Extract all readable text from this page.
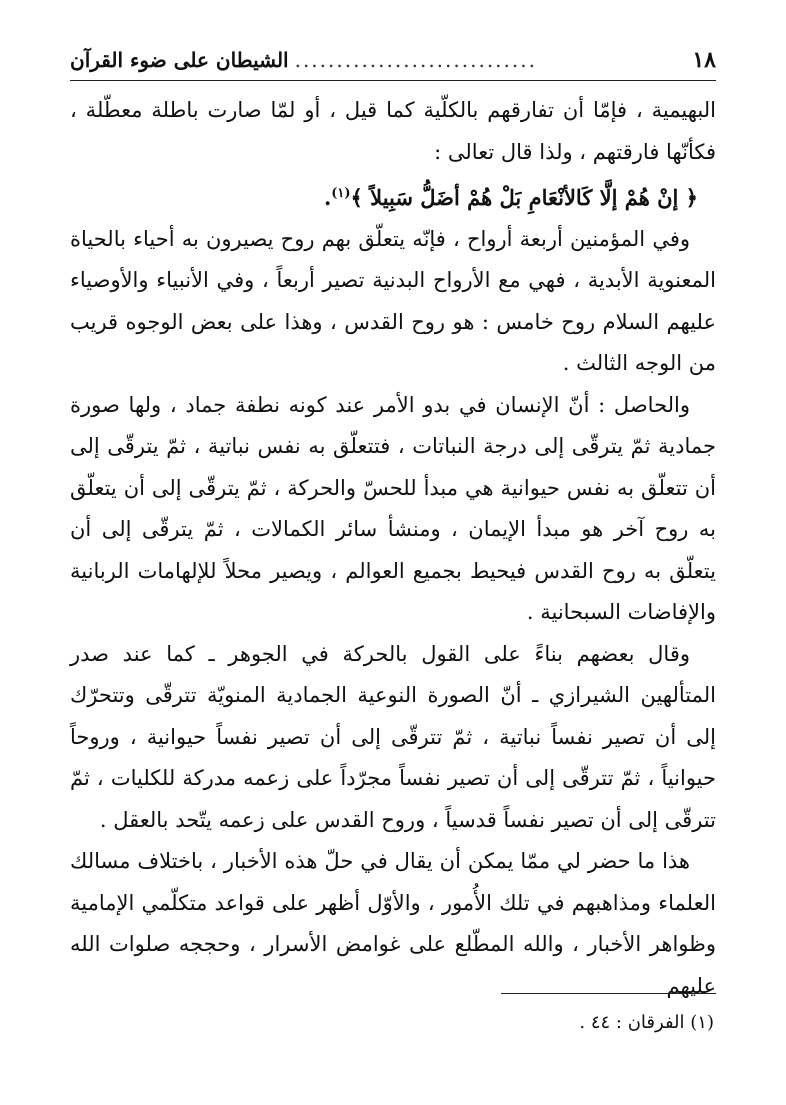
١٨
.............................
الشيطان على ضوء القرآن

البهيمية ، فإمّا أن تفارقهم بالكلّية كما قيل ، أو لمّا صارت باطلة معطّلة ، فكأنّها فارقتهم ، ولذا قال تعالى :

﴿ إنْ هُمْ إلَّا كَالأنْعَامِ بَلْ هُمْ أضَلُّ سَبِيلاً ﴾$^{(١)}$.

وفي المؤمنين أربعة أرواح ، فإنّه يتعلّق بهم روح يصيرون به أحياء بالحياة المعنوية الأبدية ، فهي مع الأرواح البدنية تصير أربعاً ، وفي الأنبياء والأوصياء عليهم السلام روح خامس : هو روح القدس ، وهذا على بعض الوجوه قريب من الوجه الثالث .

والحاصل : أنّ الإنسان في بدو الأمر عند كونه نطفة جماد ، ولها صورة جمادية ثمّ يترقّى إلى درجة النباتات ، فتتعلّق به نفس نباتية ، ثمّ يترقّى إلى أن تتعلّق به نفس حيوانية هي مبدأ للحسّ والحركة ، ثمّ يترقّى إلى أن يتعلّق به روح آخر هو مبدأ الإيمان ، ومنشأ سائر الكمالات ، ثمّ يترقّى إلى أن يتعلّق به روح القدس فيحيط بجميع العوالم ، ويصير محلاً للإلهامات الربانية والإفاضات السبحانية .

وقال بعضهم بناءً على القول بالحركة في الجوهر ـ كما عند صدر المتألهين الشيرازي ـ أنّ الصورة النوعية الجمادية المنويّة تترقّى وتتحرّك إلى أن تصير نفساً نباتية ، ثمّ تترقّى إلى أن تصير نفساً حيوانية ، وروحاً حيوانياً ، ثمّ تترقّى إلى أن تصير نفساً مجرّداً على زعمه مدركة للكليات ، ثمّ تترقّى إلى أن تصير نفساً قدسياً ، وروح القدس على زعمه يتّحد بالعقل .

هذا ما حضر لي ممّا يمكن أن يقال في حلّ هذه الأخبار ، باختلاف مسالك العلماء ومذاهبهم في تلك الأُمور ، والأوّل أظهر على قواعد متكلّمي الإمامية وظواهر الأخبار ، والله المطّلع على غوامض الأسرار ، وحججه صلوات الله عليهم

(١) الفرقان : ٤٤ .
